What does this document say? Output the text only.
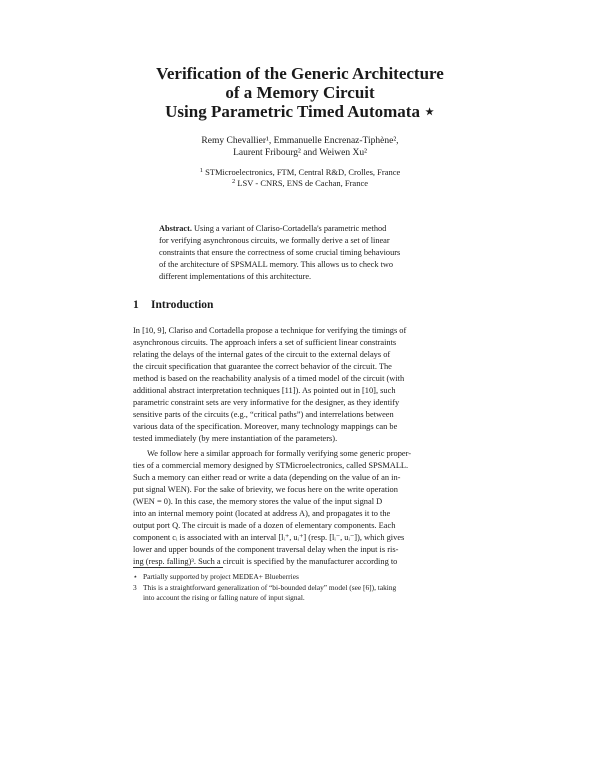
Verification of the Generic Architecture
of a Memory Circuit
Using Parametric Timed Automata ⋆
Remy Chevallier¹, Emmanuelle Encrenaz-Tiphène²,
Laurent Fribourg² and Weiwen Xu²
$^1$ STMicroelectronics, FTM, Central R&D, Crolles, France
$^2$ LSV - CNRS, ENS de Cachan, France
Abstract. Using a variant of Clariso-Cortadella's parametric method
for verifying asynchronous circuits, we formally derive a set of linear
constraints that ensure the correctness of some crucial timing behaviours
of the architecture of SPSMALL memory. This allows us to check two
different implementations of this architecture.
1 Introduction
In [10, 9], Clariso and Cortadella propose a technique for verifying the timings of
asynchronous circuits. The approach infers a set of sufficient linear constraints
relating the delays of the internal gates of the circuit to the external delays of
the circuit specification that guarantee the correct behavior of the circuit. The
method is based on the reachability analysis of a timed model of the circuit (with
additional abstract interpretation techniques [11]). As pointed out in [10], such
parametric constraint sets are very informative for the designer, as they identify
sensitive parts of the circuits (e.g., “critical paths”) and interrelations between
various data of the specification. Moreover, many technology mappings can be
tested immediately (by mere instantiation of the parameters).
We follow here a similar approach for formally verifying some generic proper-
ties of a commercial memory designed by STMicroelectronics, called SPSMALL.
Such a memory can either read or write a data (depending on the value of an in-
put signal WEN). For the sake of brievity, we focus here on the write operation
(WEN = 0). In this case, the memory stores the value of the input signal D
into an internal memory point (located at address A), and propagates it to the
output port Q. The circuit is made of a dozen of elementary components. Each
component cᵢ is associated with an interval [lᵢ⁺, uᵢ⁺] (resp. [lᵢ⁻, uᵢ⁻]), which gives
lower and upper bounds of the component traversal delay when the input is ris-
ing (resp. falling)³. Such a circuit is specified by the manufacturer according to
⋆ Partially supported by project MEDEA+ Blueberries
3 This is a straightforward generalization of “bi-bounded delay” model (see [6]), taking
into account the rising or falling nature of input signal.
